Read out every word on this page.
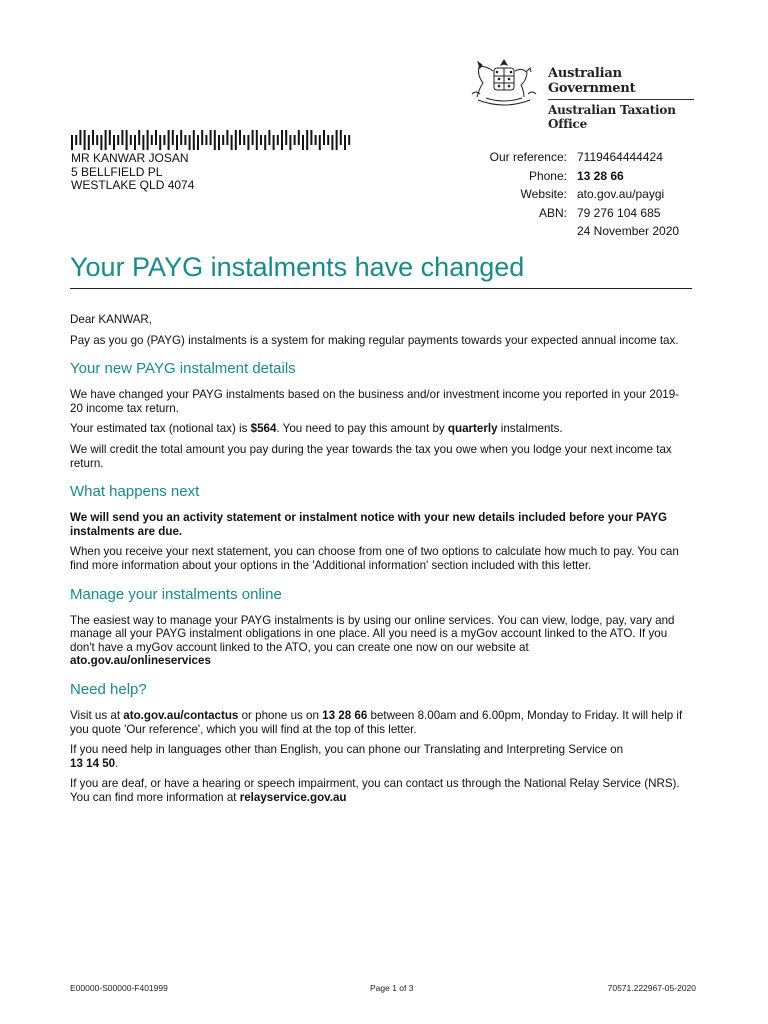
Australian Government
Australian Taxation Office
MR KANWAR JOSAN
5 BELLFIELD PL
WESTLAKE QLD 4074
Our reference: 7119464444424
Phone: 13 28 66
Website: ato.gov.au/paygi
ABN: 79 276 104 685
24 November 2020
Your PAYG instalments have changed

Dear KANWAR,

Pay as you go (PAYG) instalments is a system for making regular payments towards your expected annual income tax.

Your new PAYG instalment details

We have changed your PAYG instalments based on the business and/or investment income you reported in your 2019-20 income tax return.

Your estimated tax (notional tax) is $564. You need to pay this amount by quarterly instalments.

We will credit the total amount you pay during the year towards the tax you owe when you lodge your next income tax return.

What happens next

We will send you an activity statement or instalment notice with your new details included before your PAYG instalments are due.

When you receive your next statement, you can choose from one of two options to calculate how much to pay. You can find more information about your options in the 'Additional information' section included with this letter.

Manage your instalments online

The easiest way to manage your PAYG instalments is by using our online services. You can view, lodge, pay, vary and manage all your PAYG instalment obligations in one place. All you need is a myGov account linked to the ATO. If you don't have a myGov account linked to the ATO, you can create one now on our website at
ato.gov.au/onlineservices

Need help?

Visit us at ato.gov.au/contactus or phone us on 13 28 66 between 8.00am and 6.00pm, Monday to Friday. It will help if you quote 'Our reference', which you will find at the top of this letter.

If you need help in languages other than English, you can phone our Translating and Interpreting Service on
13 14 50.

If you are deaf, or have a hearing or speech impairment, you can contact us through the National Relay Service (NRS). You can find more information at relayservice.gov.au

E00000-S00000-F401999	Page 1 of 3	70571.222967-05-2020
